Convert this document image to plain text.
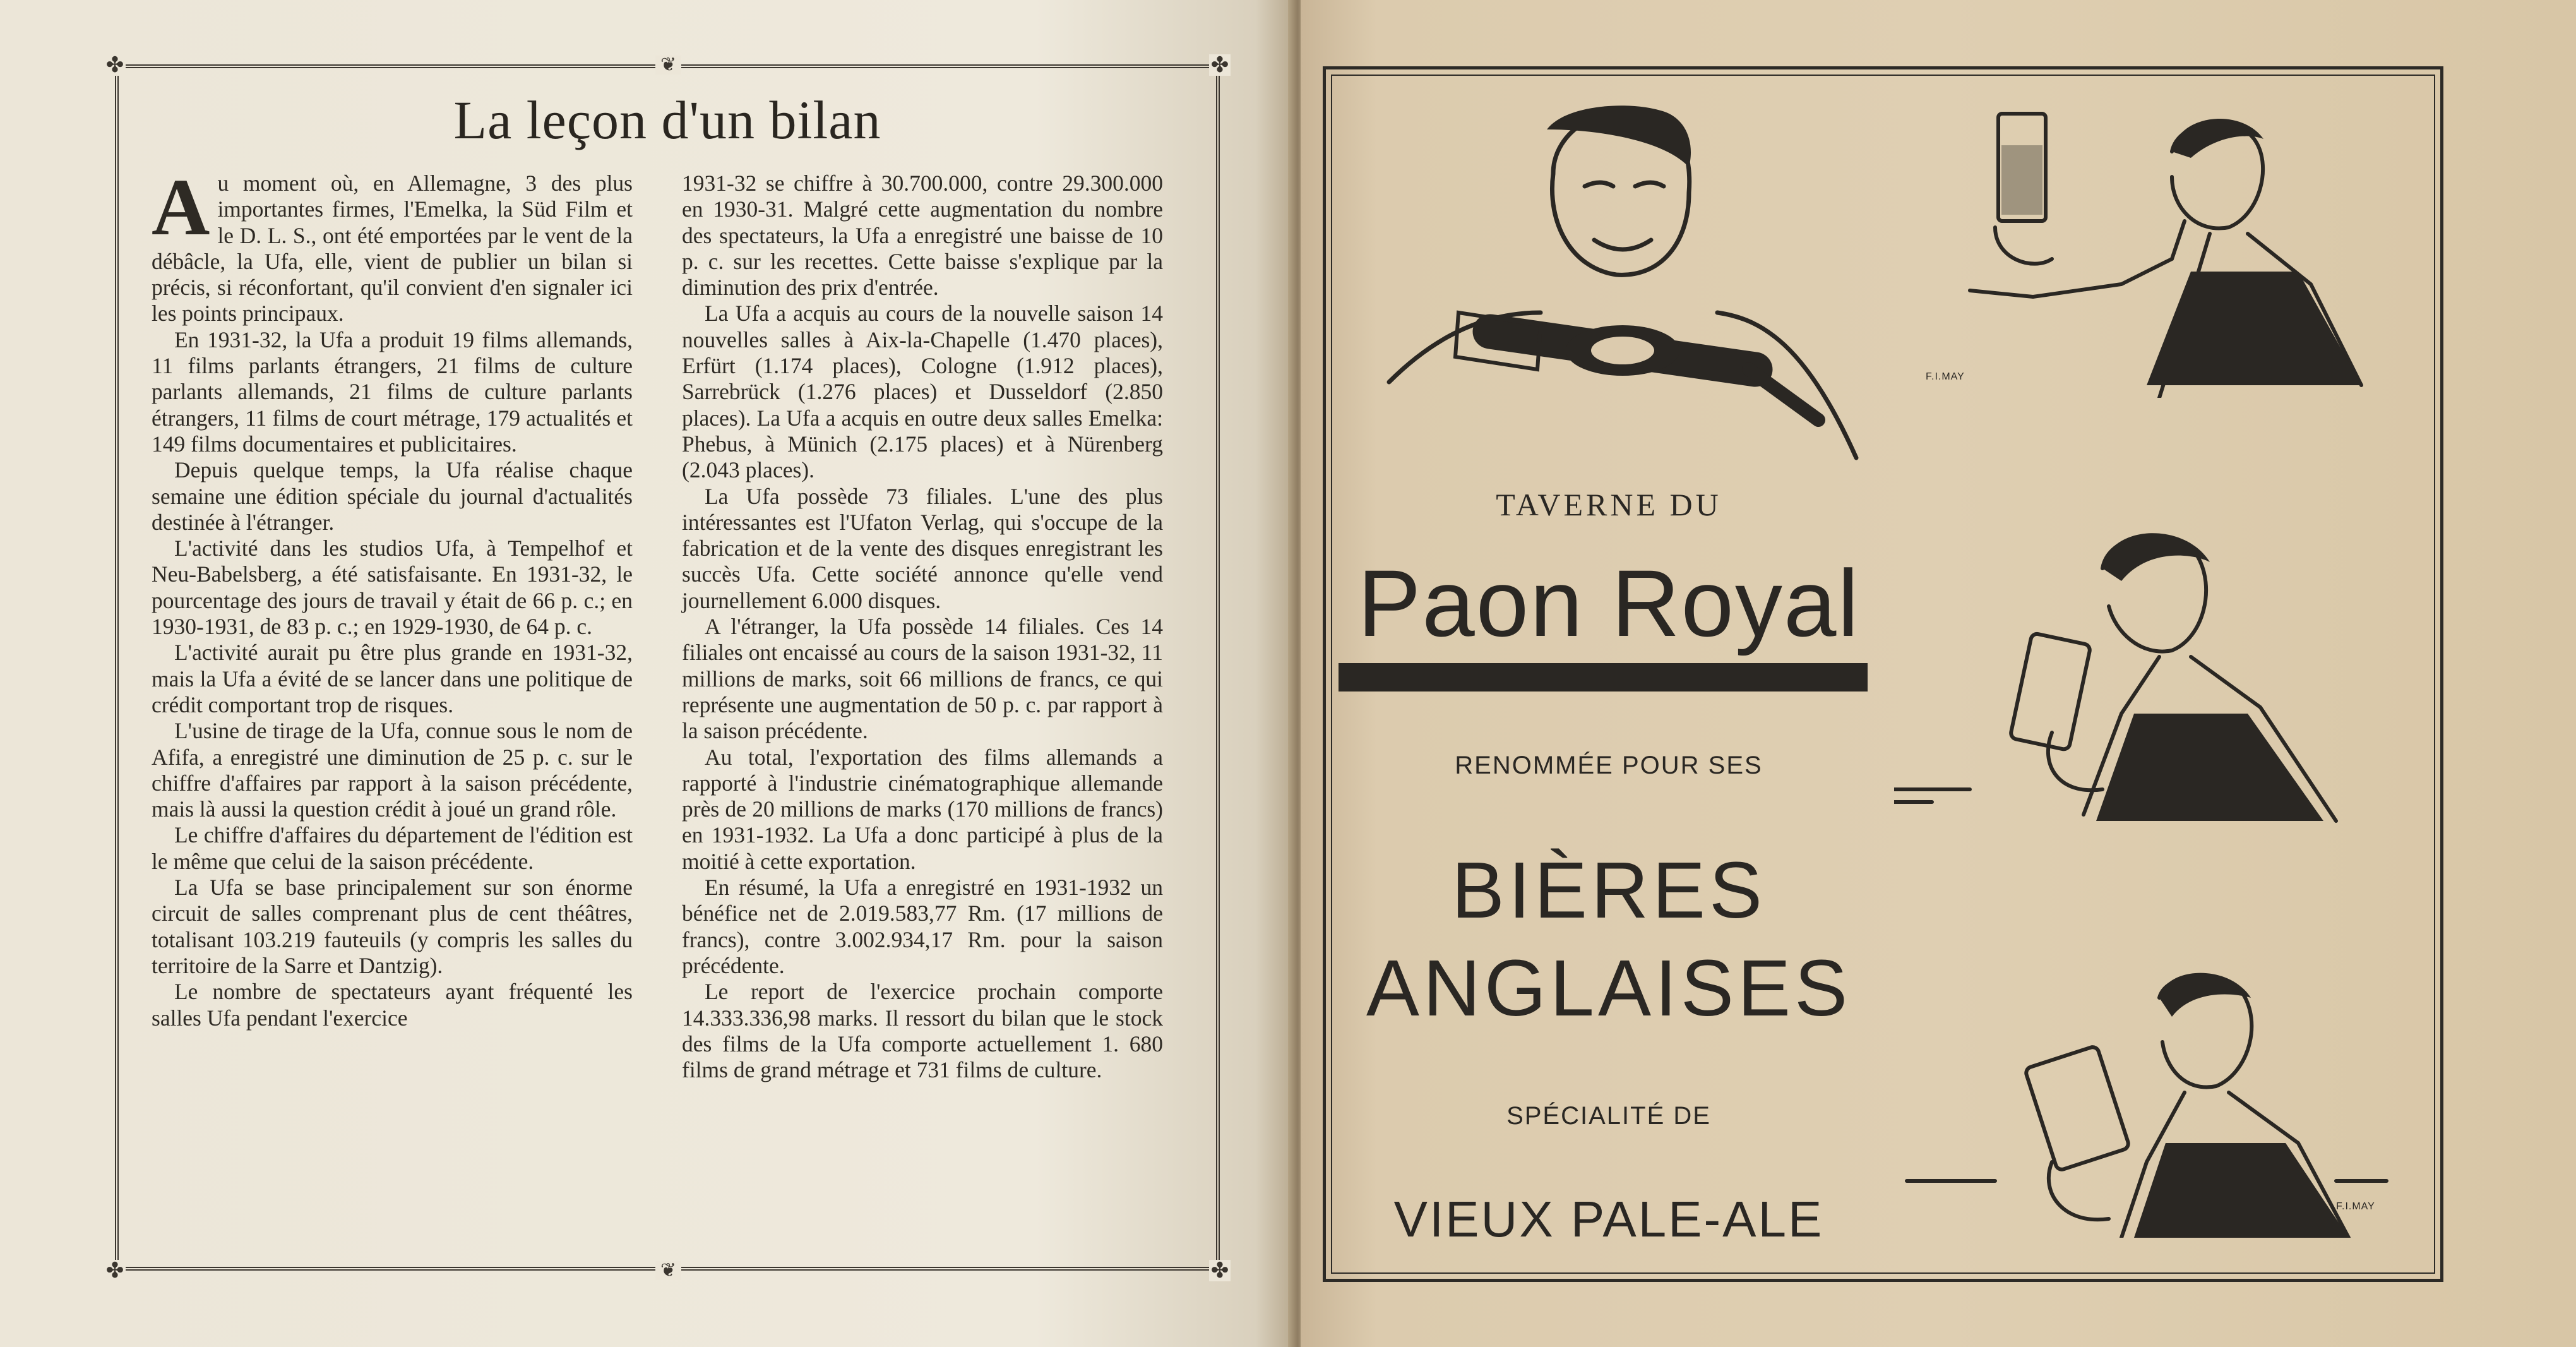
✤	✤
✤	✤
❦
❦
La leçon d'un bilan

Au moment où, en Allemagne, 3 des plus importantes firmes, l'Emelka, la Süd Film et le D. L. S., ont été emportées par le vent de la débâcle, la Ufa, elle, vient de publier un bilan si précis, si réconfortant, qu'il convient d'en signaler ici les points principaux.

En 1931-32, la Ufa a produit 19 films allemands, 11 films parlants étrangers, 21 films de culture parlants allemands, 21 films de culture parlants étrangers, 11 films de court métrage, 179 actualités et 149 films documentaires et publicitaires.

Depuis quelque temps, la Ufa réalise chaque semaine une édition spéciale du journal d'actualités destinée à l'étranger.

L'activité dans les studios Ufa, à Tempelhof et Neu-Babelsberg, a été satisfaisante. En 1931-32, le pourcentage des jours de travail y était de 66 p. c.; en 1930-1931, de 83 p. c.; en 1929-1930, de 64 p. c.

L'activité aurait pu être plus grande en 1931-32, mais la Ufa a évité de se lancer dans une politique de crédit comportant trop de risques.

L'usine de tirage de la Ufa, connue sous le nom de Afifa, a enregistré une diminution de 25 p. c. sur le chiffre d'affaires par rapport à la saison précédente, mais là aussi la question crédit à joué un grand rôle.

Le chiffre d'affaires du département de l'édition est le même que celui de la saison précédente.

La Ufa se base principalement sur son énorme circuit de salles comprenant plus de cent théâtres, totalisant 103.219 fauteuils (y compris les salles du territoire de la Sarre et Dantzig).

Le nombre de spectateurs ayant fréquenté les salles Ufa pendant l'exercice

1931-32 se chiffre à 30.700.000, contre 29.300.000 en 1930-31. Malgré cette augmentation du nombre des spectateurs, la Ufa a enregistré une baisse de 10 p. c. sur les recettes. Cette baisse s'explique par la diminution des prix d'entrée.

La Ufa a acquis au cours de la nouvelle saison 14 nouvelles salles à Aix-la-Chapelle (1.470 places), Erfürt (1.174 places), Cologne (1.912 places), Sarrebrück (1.276 places) et Dusseldorf (2.850 places). La Ufa a acquis en outre deux salles Emelka: Phebus, à Münich (2.175 places) et à Nürenberg (2.043 places).

La Ufa possède 73 filiales. L'une des plus intéressantes est l'Ufaton Verlag, qui s'occupe de la fabrication et de la vente des disques enregistrant les succès Ufa. Cette société annonce qu'elle vend journellement 6.000 disques.

A l'étranger, la Ufa possède 14 filiales. Ces 14 filiales ont encaissé au cours de la saison 1931-32, 11 millions de marks, soit 66 millions de francs, ce qui représente une augmentation de 50 p. c. par rapport à la saison précédente.

Au total, l'exportation des films allemands a rapporté à l'industrie cinématographique allemande près de 20 millions de marks (170 millions de francs) en 1931-1932. La Ufa a donc participé à plus de la moitié à cette exportation.

En résumé, la Ufa a enregistré en 1931-1932 un bénéfice net de 2.019.583,77 Rm. (17 millions de francs), contre 3.002.934,17 Rm. pour la saison précédente.

Le report de l'exercice prochain comporte 14.333.336,98 marks. Il ressort du bilan que le stock des films de la Ufa comporte actuellement 1. 680 films de grand métrage et 731 films de culture.

TAVERNE DU
Paon Royal
RENOMMÉE POUR SES
BIÈRES
ANGLAISES
SPÉCIALITÉ DE
VIEUX PALE-ALE
F.I.MAY
F.I.MAY
